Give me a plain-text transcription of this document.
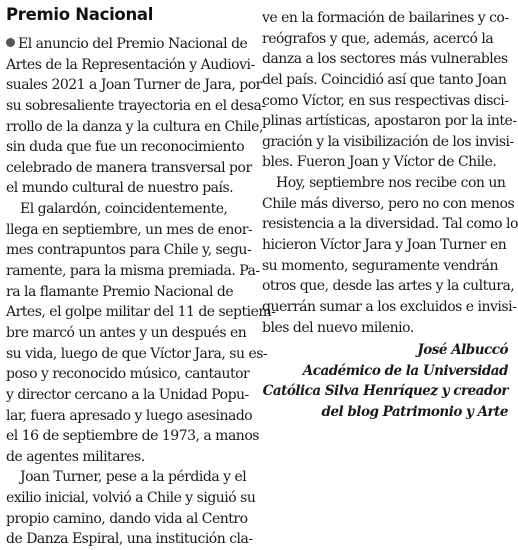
Premio Nacional
El anuncio del Premio Nacional de
Artes de la Representación y Audiovi-
suales 2021 a Joan Turner de Jara, por
su sobresaliente trayectoria en el desa-
rrollo de la danza y la cultura en Chile,
sin duda que fue un reconocimiento
celebrado de manera transversal por
el mundo cultural de nuestro país.
El galardón, coincidentemente,
llega en septiembre, un mes de enor-
mes contrapuntos para Chile y, segu-
ramente, para la misma premiada. Pa-
ra la flamante Premio Nacional de
Artes, el golpe militar del 11 de septiem-
bre marcó un antes y un después en
su vida, luego de que Víctor Jara, su es-
poso y reconocido músico, cantautor
y director cercano a la Unidad Popu-
lar, fuera apresado y luego asesinado
el 16 de septiembre de 1973, a manos
de agentes militares.
Joan Turner, pese a la pérdida y el
exilio inicial, volvió a Chile y siguió su
propio camino, dando vida al Centro
de Danza Espiral, una institución cla-
ve en la formación de bailarines y co-
reógrafos y que, además, acercó la
danza a los sectores más vulnerables
del país. Coincidió así que tanto Joan
como Víctor, en sus respectivas disci-
plinas artísticas, apostaron por la inte-
gración y la visibilización de los invisi-
bles. Fueron Joan y Víctor de Chile.
Hoy, septiembre nos recibe con un
Chile más diverso, pero no con menos
resistencia a la diversidad. Tal como lo
hicieron Víctor Jara y Joan Turner en
su momento, seguramente vendrán
otros que, desde las artes y la cultura,
querrán sumar a los excluidos e invisi-
bles del nuevo milenio.
José Albuccó
Académico de la Universidad
Católica Silva Henríquez y creador
del blog Patrimonio y Arte
